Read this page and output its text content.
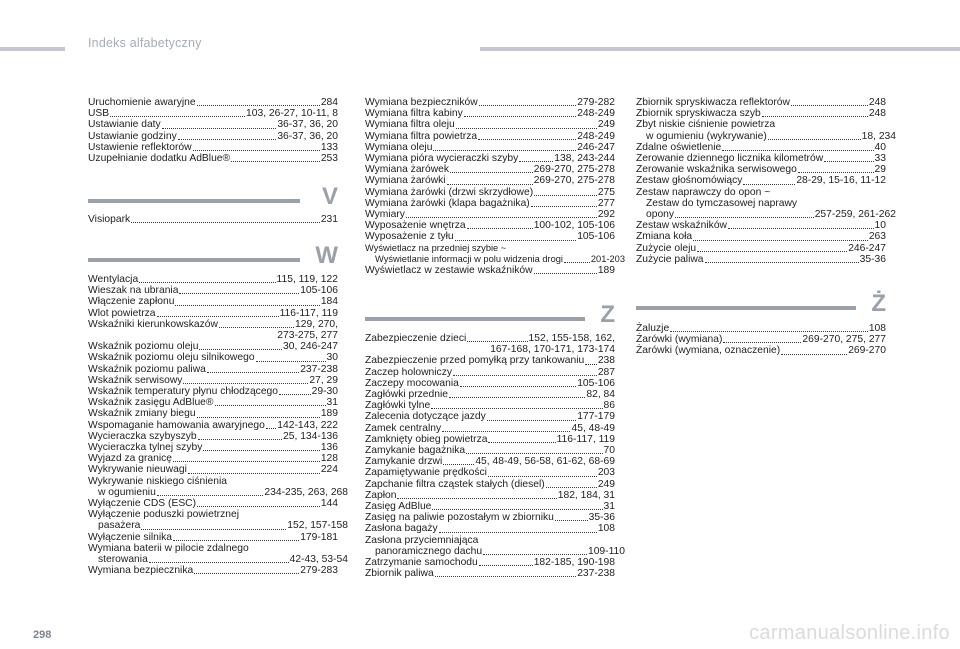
Indeks alfabetyczny
Uruchomienie awaryjne	284
USB	103, 26-27, 10-11, 8
Ustawianie daty	36-37, 36, 20
Ustawianie godziny	36-37, 36, 20
Ustawienie reflektorów	133
Uzupełnianie dodatku AdBlue®	253
V
Visiopark	231
W
Wentylacja	115, 119, 122
Wieszak na ubrania	105-106
Włączenie zapłonu	184
Wlot powietrza	116-117, 119
Wskaźniki kierunkowskazów	129, 270,
273-275, 277
Wskaźnik poziomu oleju	30, 246-247
Wskaźnik poziomu oleju silnikowego	30
Wskaźnik poziomu paliwa	237-238
Wskaźnik serwisowy	27, 29
Wskaźnik temperatury płynu chłodzącego	29-30
Wskaźnik zasięgu AdBlue®	31
Wskaźnik zmiany biegu	189
Wspomaganie hamowania awaryjnego 142-143, 222
Wycieraczka szybyszyb	25, 134-136
Wycieraczka tylnej szyby	136
Wyjazd za granicę	128
Wykrywanie nieuwagi	224
Wykrywanie niskiego ciśnienia
w ogumieniu	234-235, 263, 268
Wyłączenie CDS (ESC)	144
Wyłączenie poduszki powietrznej
pasażera	152, 157-158
Wyłączenie silnika	179-181
Wymiana baterii w pilocie zdalnego
sterowania	42-43, 53-54
Wymiana bezpiecznika	279-283
Wymiana bezpieczników	279-282
Wymiana filtra kabiny	248-249
Wymiana filtra oleju	249
Wymiana filtra powietrza	248-249
Wymiana oleju	246-247
Wymiana pióra wycieraczki szyby	138, 243-244
Wymiana żarówek	269-270, 275-278
Wymiana żarówki	269-270, 275-278
Wymiana żarówki (drzwi skrzydłowe)	275
Wymiana żarówki (klapa bagażnika)	277
Wymiary	292
Wyposażenie wnętrza	100-102, 105-106
Wyposażenie z tyłu	105-106
Wyświetlacz na przedniej szybie ~
Wyświetlanie informacji w polu widzenia drogi	201-203
Wyświetlacz w zestawie wskaźników	189
Z
Zabezpieczenie dzieci	152, 155-158, 162,
167-168, 170-171, 173-174
Zabezpieczenie przed pomyłką przy tankowaniu 238
Zaczep holowniczy	287
Zaczepy mocowania	105-106
Zagłówki przednie	82, 84
Zagłówki tylne	86
Zalecenia dotyczące jazdy	177-179
Zamek centralny	45, 48-49
Zamknięty obieg powietrza	116-117, 119
Zamykanie bagażnika	70
Zamykanie drzwi	45, 48-49, 56-58, 61-62, 68-69
Zapamiętywanie prędkości	203
Zapchanie filtra cząstek stałych (diesel)	249
Zapłon	182, 184, 31
Zasięg AdBlue	31
Zasięg na paliwie pozostałym w zbiorniku	35-36
Zasłona bagaży	108
Zasłona przyciemniająca
panoramicznego dachu	109-110
Zatrzymanie samochodu	182-185, 190-198
Zbiornik paliwa	237-238
Zbiornik spryskiwacza reflektorów	248
Zbiornik spryskiwacza szyb	248
Zbyt niskie ciśnienie powietrza
w ogumieniu (wykrywanie)	18, 234
Zdalne oświetlenie	40
Zerowanie dziennego licznika kilometrów	33
Zerowanie wskaźnika serwisowego	29
Zestaw głośnomówiący	28-29, 15-16, 11-12
Zestaw naprawczy do opon ~
Zestaw do tymczasowej naprawy
opony	257-259, 261-262
Zestaw wskaźników	10
Zmiana koła	263
Zużycie oleju	246-247
Zużycie paliwa	35-36
Ż
Żaluzje	108
Żarówki (wymiana)	269-270, 275, 277
Żarówki (wymiana, oznaczenie)	269-270
298	carmanualsonline.info
